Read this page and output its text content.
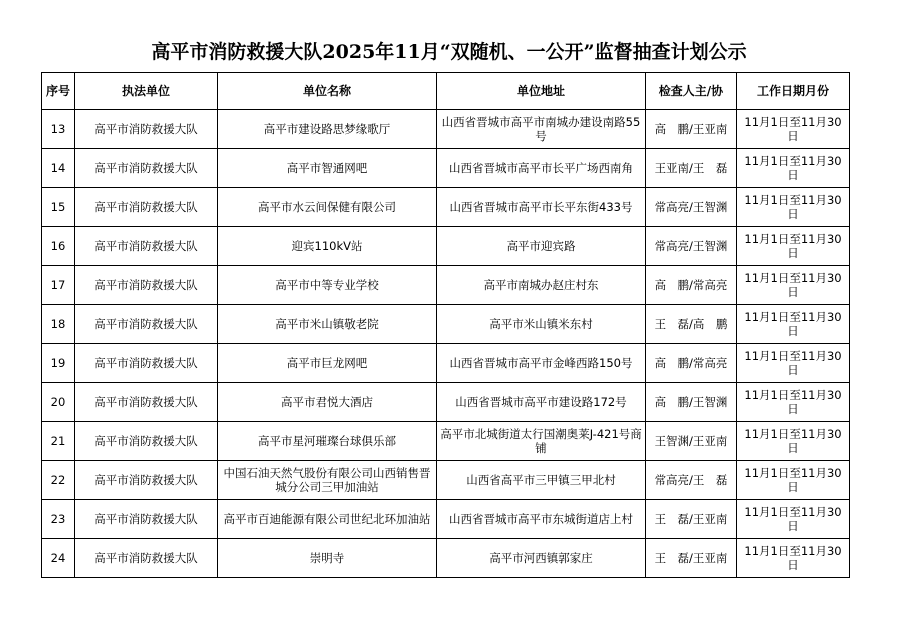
高平市消防救援大队2025年11月“双随机、一公开”监督抽查计划公示
序号	执法单位	单位名称	单位地址	检查人主/协	工作日期月份
13	高平市消防救援大队	高平市建设路思梦缘歌厅	山西省晋城市高平市南城办建设南路55号	高　鹏/王亚南	11月1日至11月30日
14	高平市消防救援大队	高平市智通网吧	山西省晋城市高平市长平广场西南角	王亚南/王　磊	11月1日至11月30日
15	高平市消防救援大队	高平市水云间保健有限公司	山西省晋城市高平市长平东街433号	常高亮/王智渊	11月1日至11月30日
16	高平市消防救援大队	迎宾110kV站	高平市迎宾路	常高亮/王智渊	11月1日至11月30日
17	高平市消防救援大队	高平市中等专业学校	高平市南城办赵庄村东	高　鹏/常高亮	11月1日至11月30日
18	高平市消防救援大队	高平市米山镇敬老院	高平市米山镇米东村	王　磊/高　鹏	11月1日至11月30日
19	高平市消防救援大队	高平市巨龙网吧	山西省晋城市高平市金峰西路150号	高　鹏/常高亮	11月1日至11月30日
20	高平市消防救援大队	高平市君悦大酒店	山西省晋城市高平市建设路172号	高　鹏/王智渊	11月1日至11月30日
21	高平市消防救援大队	高平市星河璀璨台球俱乐部	高平市北城街道太行国潮奥莱J-421号商铺	王智渊/王亚南	11月1日至11月30日
22	高平市消防救援大队	中国石油天然气股份有限公司山西销售晋城分公司三甲加油站	山西省高平市三甲镇三甲北村	常高亮/王　磊	11月1日至11月30日
23	高平市消防救援大队	高平市百迪能源有限公司世纪北环加油站	山西省晋城市高平市东城街道店上村	王　磊/王亚南	11月1日至11月30日
24	高平市消防救援大队	崇明寺	高平市河西镇郭家庄	王　磊/王亚南	11月1日至11月30日
